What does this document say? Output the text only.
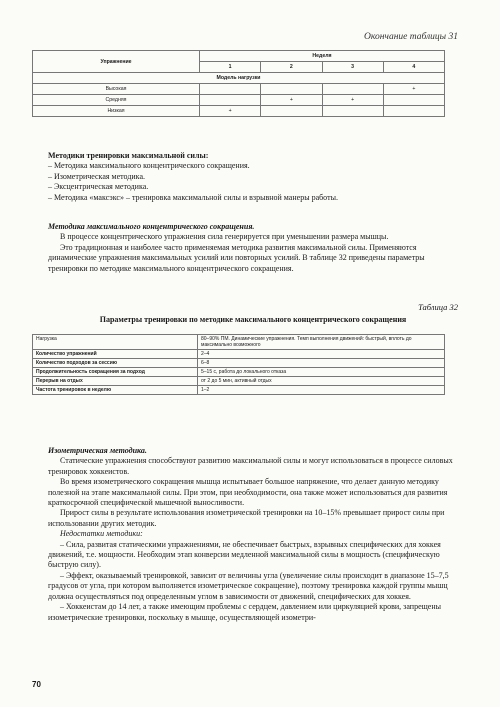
Окончание таблицы 31
Упражнение	Неделя			
	1	2	3	4
Модель нагрузки				
Высокая				+
Средняя		+	+	
Низкая	+			

Методики тренировки максимальной силы:

– Методика максимального концентрического сокращения.

– Изометрическая методика.

– Эксцентрическая методика.

– Методика «максэкс» – тренировка максимальной силы и взрывной манеры работы.

Методика максимального концентрического сокращения.

В процессе концентрического упражнения сила генерируется при уменьшении размера мышцы.

Это традиционная и наиболее часто применяемая методика развития максимальной силы. Применяются динамические упражнения максимальных усилий или повторных усилий. В таблице 32 приведены параметры тренировки по методике максимального концентрического сокращения.

Таблица 32
Параметры тренировки по методике максимального концентрического сокращения
Нагрузка	80–90% ПМ. Динамические упражнения. Темп выполнения движений: быстрый, вплоть до максимально возможного
Количество упражнений	2–4
Количество подходов за сессию	6–8
Продолжительность сокращения за подход	5–15 с, работа до локального отказа
Перерыв на отдых	от 2 до 5 мин, активный отдых
Частота тренировок в неделю	1–2

Изометрическая методика.

Статические упражнения способствуют развитию максимальной силы и могут использоваться в процессе силовых тренировок хоккеистов.

Во время изометрического сокращения мышца испытывает большое напряжение, что делает данную методику полезной на этапе максимальной силы. При этом, при необходимости, она также может использоваться для развития краткосрочной специфической мышечной выносливости.

Прирост силы в результате использования изометрической тренировки на 10–15% превышает прирост силы при использовании других методик.

Недостатки методики:

– Сила, развитая статическими упражнениями, не обеспечивает быстрых, взрывных специфических для хоккея движений, т.е. мощности. Необходим этап конверсии медленной максимальной силы в мощность (специфическую быструю силу).

– Эффект, оказываемый тренировкой, зависит от величины угла (увеличение силы происходит в диапазоне 15–7,5 градусов от угла, при котором выполняется изометрическое сокращение), поэтому тренировка каждой группы мышц должна осуществляться под определенным углом в зависимости от движений, специфических для хоккея.

– Хоккеистам до 14 лет, а также имеющим проблемы с сердцем, давлением или циркуляцией крови, запрещены изометрические тренировки, поскольку в мышце, осуществляющей изометри-

70
